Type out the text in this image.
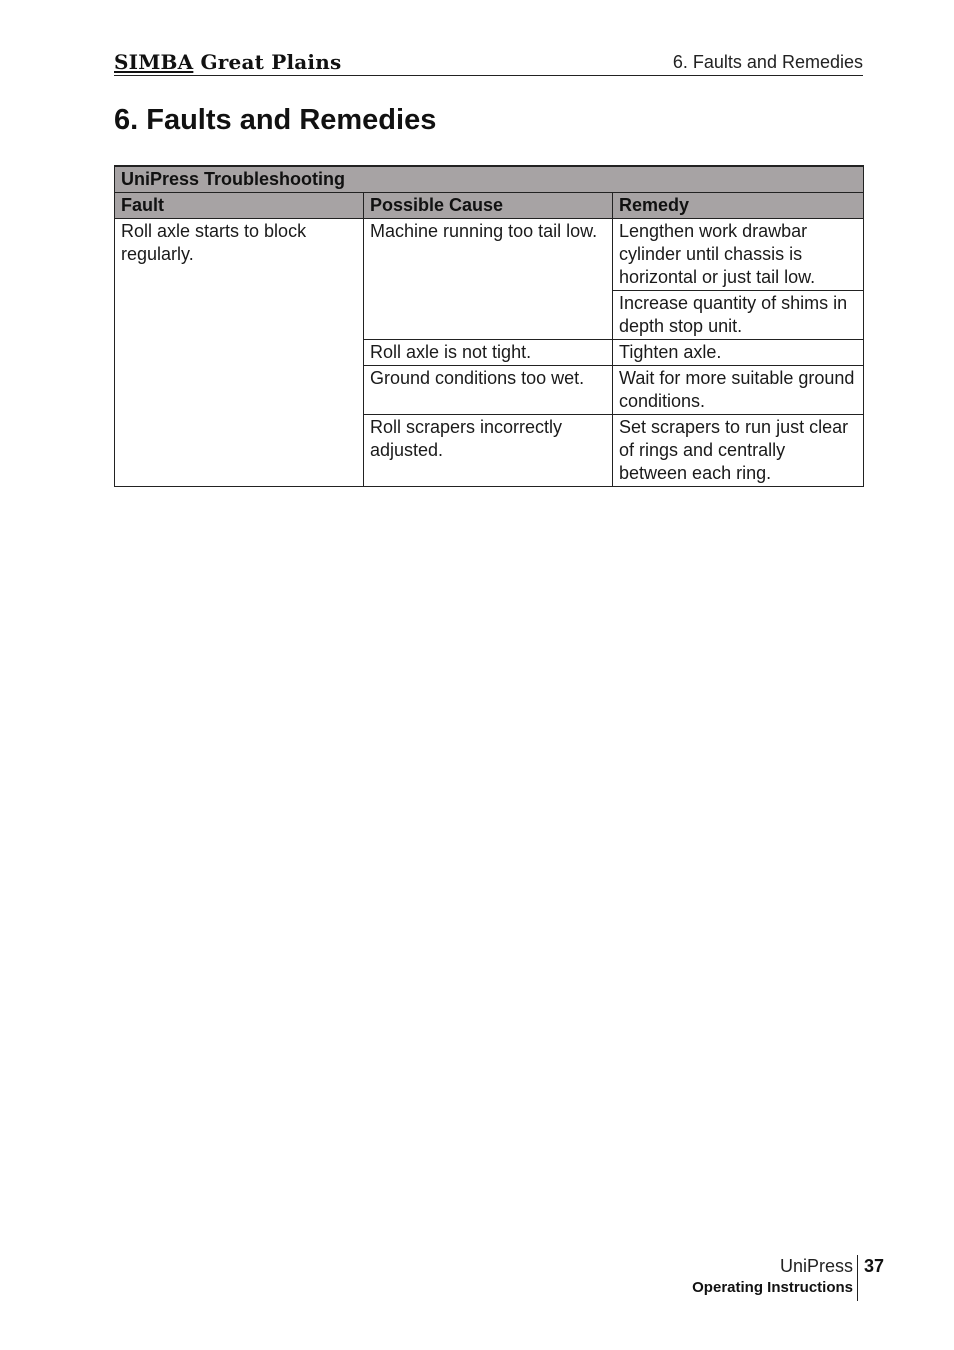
SIMBA Great Plains	6. Faults and Remedies
6. Faults and Remedies
UniPress Troubleshooting		
Fault	Possible Cause	Remedy
Roll axle starts to block regularly.	Machine running too tail low.	Lengthen work drawbar cylinder until chassis is horizontal or just tail low.
		Increase quantity of shims in depth stop unit.
	Roll axle is not tight.	Tighten axle.
	Ground conditions too wet.	Wait for more suitable ground conditions.
	Roll scrapers incorrectly adjusted.	Set scrapers to run just clear of rings and centrally between each ring.
UniPress
Operating Instructions
37
